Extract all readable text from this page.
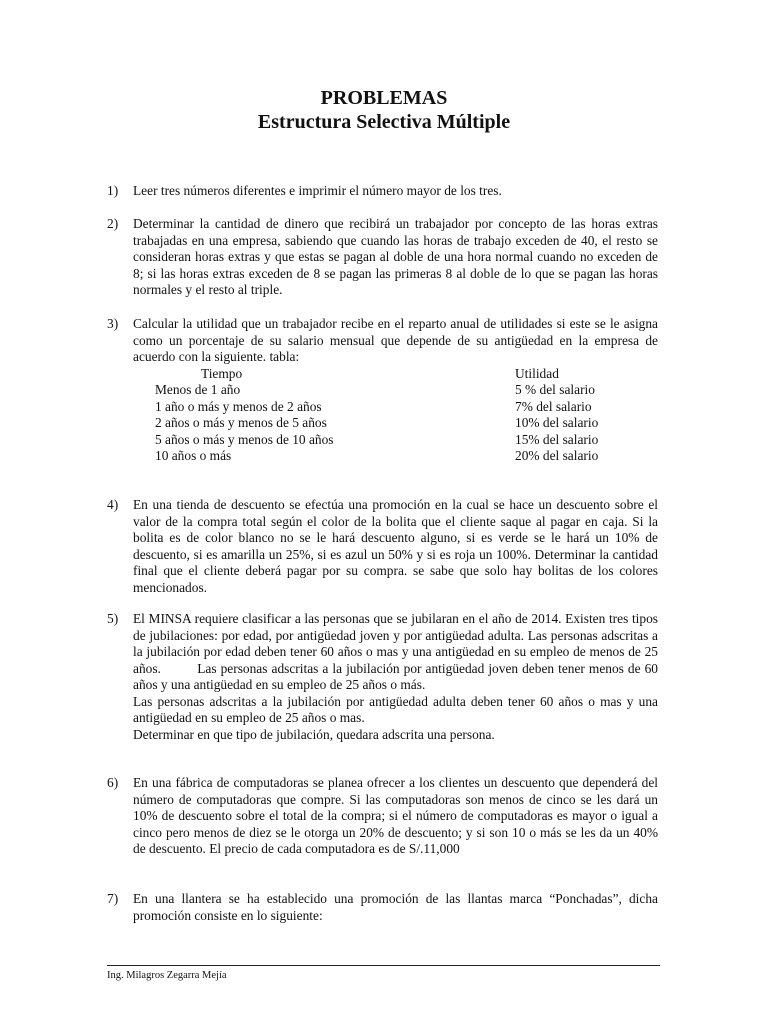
PROBLEMAS
Estructura Selectiva Múltiple
1) Leer tres números diferentes e imprimir el número mayor de los tres.
2) Determinar la cantidad de dinero que recibirá un trabajador por concepto de las horas extras trabajadas en una empresa, sabiendo que cuando las horas de trabajo exceden de 40, el resto se consideran horas extras y que estas se pagan al doble de una hora normal cuando no exceden de 8; si las horas extras exceden de 8 se pagan las primeras 8 al doble de lo que se pagan las horas normales y el resto al triple.
3) Calcular la utilidad que un trabajador recibe en el reparto anual de utilidades si este se le asigna como un porcentaje de su salario mensual que depende de su antigüedad en la empresa de acuerdo con la siguiente. tabla:
Tiempo	Utilidad
Menos de 1 año	5 % del salario
1 año o más y menos de 2 años	7% del salario
2 años o más y menos de 5 años	10% del salario
5 años o más y menos de 10 años	15% del salario
10 años o más	20% del salario
4) En una tienda de descuento se efectúa una promoción en la cual se hace un descuento sobre el valor de la compra total según el color de la bolita que el cliente saque al pagar en caja. Si la bolita es de color blanco no se le hará descuento alguno, si es verde se le hará un 10% de descuento, si es amarilla un 25%, si es azul un 50% y si es roja un 100%. Determinar la cantidad final que el cliente deberá pagar por su compra. se sabe que solo hay bolitas de los colores mencionados.
5) El MINSA requiere clasificar a las personas que se jubilaran en el año de 2014. Existen tres tipos de jubilaciones: por edad, por antigüedad joven y por antigüedad adulta. Las personas adscritas a la jubilación por edad deben tener 60 años o mas y una antigüedad en su empleo de menos de 25 años.         Las personas adscritas a la jubilación por antigüedad joven deben tener menos de 60 años y una antigüedad en su empleo de 25 años o más.

Las personas adscritas a la jubilación por antigüedad adulta deben tener 60 años o mas y una antigüedad en su empleo de 25 años o mas.

Determinar en que tipo de jubilación, quedara adscrita una persona.

6) En una fábrica de computadoras se planea ofrecer a los clientes un descuento que dependerá del número de computadoras que compre. Si las computadoras son menos de cinco se les dará un 10% de descuento sobre el total de la compra; si el número de computadoras es mayor o igual a cinco pero menos de diez se le otorga un 20% de descuento; y si son 10 o más se les da un 40% de descuento. El precio de cada computadora es de S/.11,000
7) En una llantera se ha establecido una promoción de las llantas marca “Ponchadas”, dicha promoción consiste en lo siguiente:
Ing. Milagros Zegarra Mejía
